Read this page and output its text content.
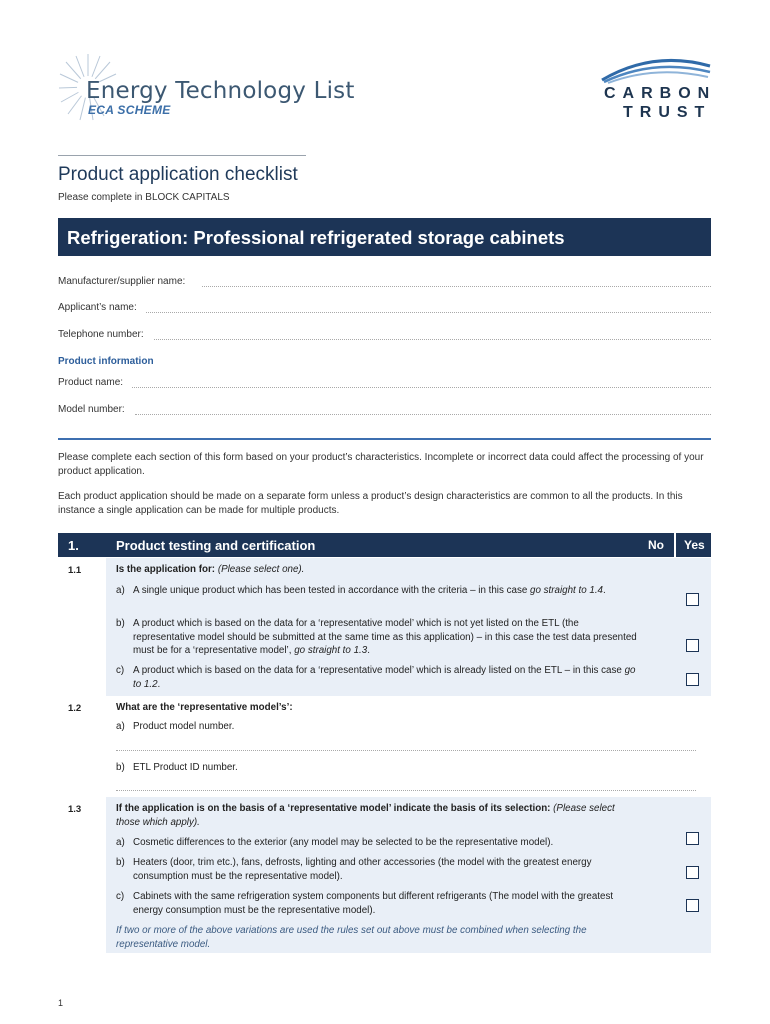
Energy Technology List
ECA SCHEME
CARBON
TRUST
Product application checklist
Please complete in BLOCK CAPITALS
Refrigeration: Professional refrigerated storage cabinets
Manufacturer/supplier name:
Applicant’s name:
Telephone number:
Product information
Product name:
Model number:
Please complete each section of this form based on your product’s characteristics. Incomplete or incorrect data could affect the processing of your product application.
Each product application should be made on a separate form unless a product’s design characteristics are common to all the products. In this instance a single application can be made for multiple products.
1.	Product testing and certification	No Yes
1.1	Is the application for: (Please select one).
a) A single unique product which has been tested in accordance with the criteria – in this case go straight to 1.4.
b) A product which is based on the data for a ‘representative model’ which is not yet listed on the ETL (the representative model should be submitted at the same time as this application) – in this case the test data presented must be for a ‘representative model’, go straight to 1.3.
c) A product which is based on the data for a ‘representative model’ which is already listed on the ETL – in this case go to 1.2.
1.2	What are the ‘representative model’s’:
a) Product model number.
b) ETL Product ID number.
1.3	If the application is on the basis of a ‘representative model’ indicate the basis of its selection: (Please select those which apply).
a) Cosmetic differences to the exterior (any model may be selected to be the representative model).
b) Heaters (door, trim etc.), fans, defrosts, lighting and other accessories (the model with the greatest energy consumption must be the representative model).
c) Cabinets with the same refrigeration system components but different refrigerants (The model with the greatest energy consumption must be the representative model).
If two or more of the above variations are used the rules set out above must be combined when selecting the representative model.
1
